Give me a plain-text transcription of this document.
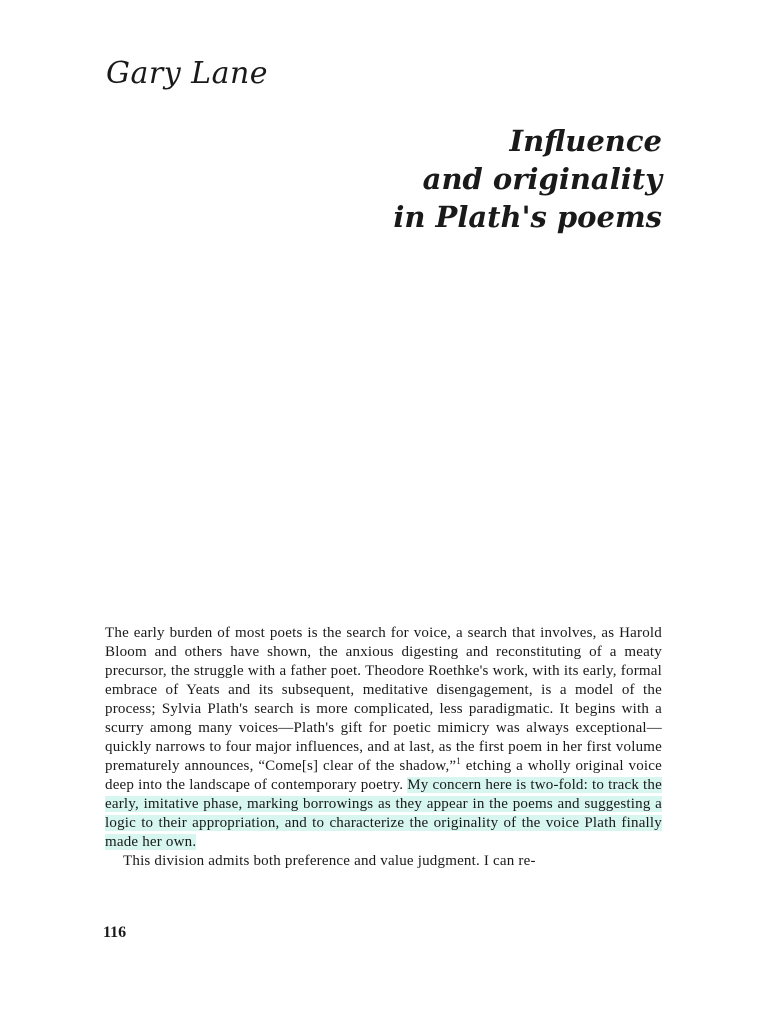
Gary Lane
Influence
and originality
in Plath's poems

The early burden of most poets is the search for voice, a search that involves, as Harold Bloom and others have shown, the anxious digesting and reconstituting of a meaty precursor, the struggle with a father poet. Theodore Roethke's work, with its early, formal embrace of Yeats and its subsequent, meditative disengagement, is a model of the process; Sylvia Plath's search is more complicated, less paradigmatic. It begins with a scurry among many voices—Plath's gift for poetic mimicry was always exceptional—quickly narrows to four major influences, and at last, as the first poem in her first volume prematurely announces, “Come[s] clear of the shadow,”$^1$ etching a wholly original voice deep into the landscape of contemporary poetry. My concern here is two-fold: to track the early, imitative phase, marking borrowings as they appear in the poems and suggesting a logic to their appropriation, and to characterize the originality of the voice Plath finally made her own.

This division admits both preference and value judgment. I can re-

116
